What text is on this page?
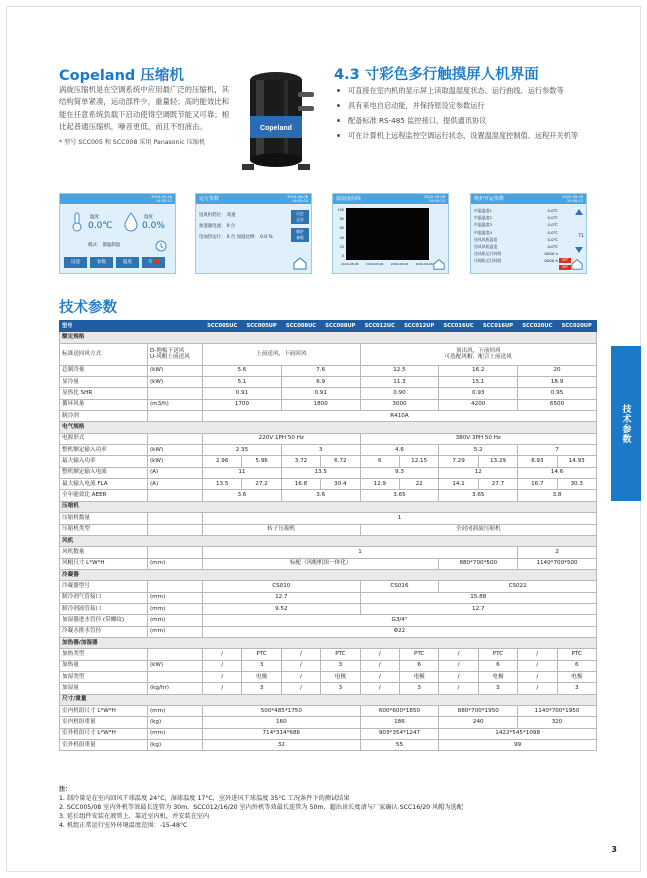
Copeland 压缩机
涡旋压缩机是在空调系统中应用最广泛的压缩机，其结构简单紧凑，运动部件少，重量轻；高的能效比和能在任意系统负载下启动使得空调既节能又可靠；相比起普通压缩机，噪音更低，而且不怕液击。
* 型号 SCC005 和 SCC008 采用 Panasonic 压缩机
Copeland
4.3 寸彩色多行触摸屏人机界面
可直接在室内机的显示屏上读取温湿度状态、运行曲线、运行参数等
具有来电自启动能，并保持原设定参数运行
配备标准 RS-485 监控接口，提供通讯协议
可在计算机上远程监控空调运行状态，设置温湿度控制值、远程开关机等
2020-05-26
19:05:12
温度
0.0℃
湿度
0.0%
模式： 制温制湿
设置	参数	温度	开
运行参数	2020-06-08
19:05:03
送风机档位： 高速
加湿器电流： 0 台
电加热运行： 0 台 加湿比例： 0.0 %
历史
记录
维护
参数
温湿度曲线	2020-06-08
19:05:23
100
80
60
40
20
0
2020-08-06 2020-08-06 2020-08-06 2020-08-06
维护开运参数	2020-06-08
19:06:12
中温温度1	0.0℃
中温温度2	0.0℃
中温温度3	0.0℃
中温温度4	0.0℃
送风风机温度	0.0℃
回风风机温度	0.0℃
送风机运行时间	0000 h
压缩机运行时间	0000 h	OFF
OFF
T1
技术参数
技术参数
型号		SCC005UC	SCC005UP	SCC008UC	SCC008UP	SCC012UC	SCC012UP	SCC016UC	SCC016UP	SCC020UC	SCC020UP
额定规格											
标准送回风方式	D-地板下送风
U-风帽上前送风	上前送风，下前回风				顶出风，下前回风
可选配风帽，配合上前送风					
总制冷量	(kW)	5.6		7.6		12.5		16.2		20	
显冷量	(kW)	5.1		6.9		11.3		15.1		18.9	
显热比 SHR		0.91		0.91		0.90		0.93		0.95	
循环风量	(m3/h)	1700		1800		3000		4200		6500	
制冷剂		R410A									
电气规格											
电源形式		220V 1PH 50 Hz				380V 3PH 50 Hz					
整机额定输入功率	(kW)	2.35		3		4.6		5.2		7	
最大输入功率	(kW)	2.96	5.96	3.72	6.72	6	12.15	7.29	13.29	8.93	14.93
整机额定输入电流	(A)	11		13.5		9.3		12		14.6	
最大输入电流 FLA	(A)	13.5	27.2	16.8	30.4	12.9	22	14.1	27.7	16.7	30.3
全年能效比 AEER		3.6		3.6		3.65		3.65		3.8	
压缩机											
压缩机数量		1									
压缩机类型		转子压缩机				全封闭涡旋压缩机					
风机											
风机数量		1								2	
风帽尺寸 L*W*H	(mm)	标配（风帽机组一体化）						880*700*500		1140*700*500	
冷凝器											
冷凝器型号		CS010				CS016		CS022			
制冷剂气管接口	(mm)	12.7				15.88					
制冷剂液管接口	(mm)	9.52				12.7					
加湿器进水管径 (带螺纹)	(mm)	G3/4"									
冷凝水排水管径	(mm)	Φ22									
加热器/加湿器											
加热类型		/	PTC	/	PTC	/	PTC	/	PTC	/	PTC
加热量	(kW)	/	3	/	3	/	6	/	6	/	6
加湿类型		/	电极	/	电极	/	电极	/	电极	/	电极
加湿量	(kg/hr)	/	3	/	3	/	3	/	3	/	3
尺寸/重量											
室内机组尺寸 L*W*H	(mm)	500*485*1750				600*600*1850		880*700*1950		1140*700*1950	
室内机组重量	(kg)	160				186		240		320	
室外机组尺寸 L*W*H	(mm)	714*314*686				903*354*1247		1422*545*1098			
室外机组重量	(kg)	32				55		99			
注：
1. 制冷量是在室内回风干球温度 24°C，湿球温度 17°C，室外进风干球温度 35°C 工况条件下的测试结果
2. SCC005/08 室内外机等效最长连管为 30m，SCC012/16/20 室内外机等效最长连管为 50m，超出该长度请与厂家确认 SCC16/20 风帽为选配
3. 延长组件安装在液管上，靠近室内机，并安装在室内
4. 机组正常运行室外环境温度范围：-15-48°C
3
